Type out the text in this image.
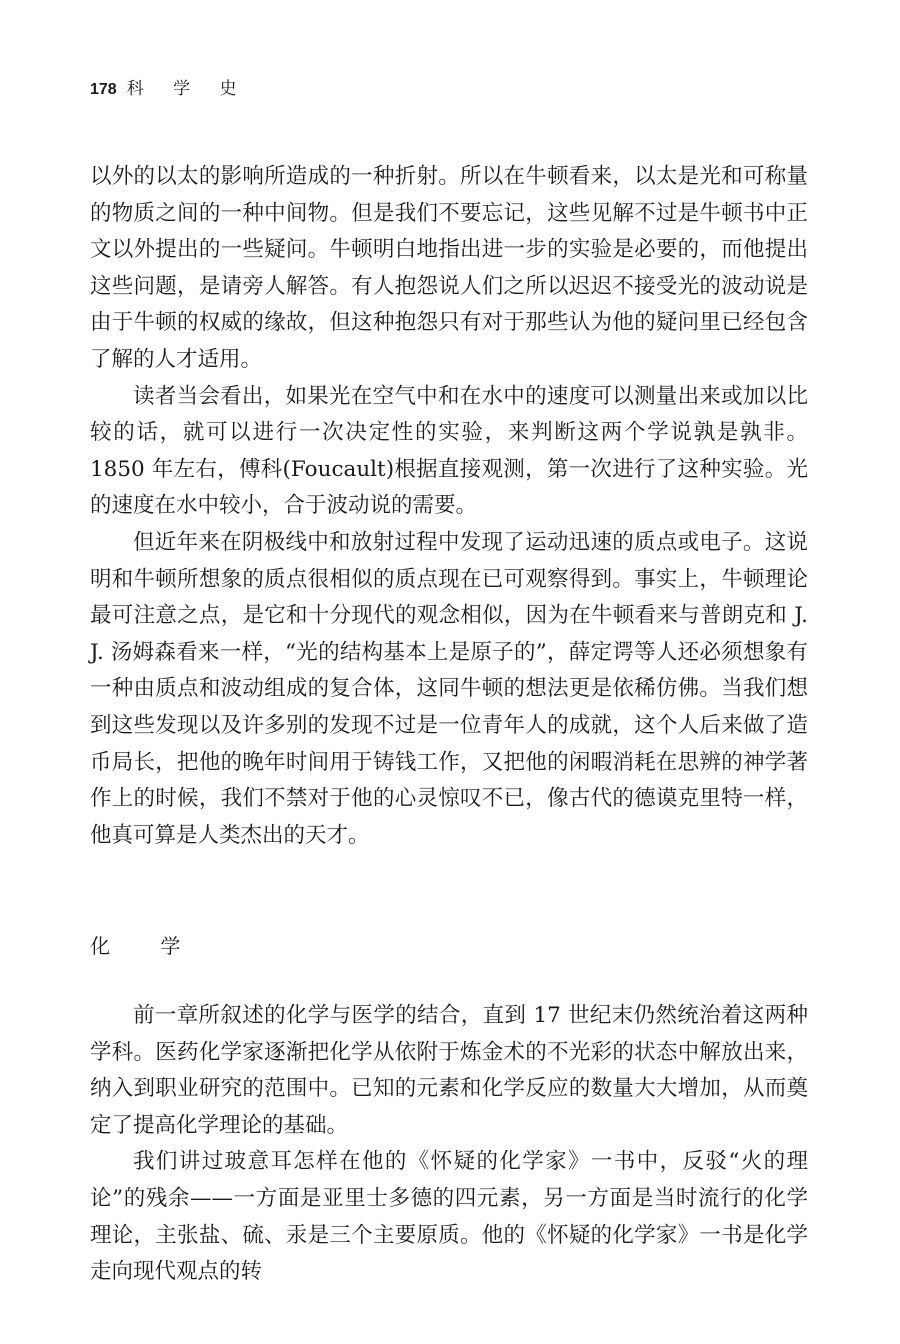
178 科 学 史

以外的以太的影响所造成的一种折射。所以在牛顿看来，以太是光和可称量的物质之间的一种中间物。但是我们不要忘记，这些见解不过是牛顿书中正文以外提出的一些疑问。牛顿明白地指出进一步的实验是必要的，而他提出这些问题，是请旁人解答。有人抱怨说人们之所以迟迟不接受光的波动说是由于牛顿的权威的缘故，但这种抱怨只有对于那些认为他的疑问里已经包含了解的人才适用。

读者当会看出，如果光在空气中和在水中的速度可以测量出来或加以比较的话，就可以进行一次决定性的实验，来判断这两个学说孰是孰非。1850 年左右，傅科(Foucault)根据直接观测，第一次进行了这种实验。光的速度在水中较小，合于波动说的需要。

但近年来在阴极线中和放射过程中发现了运动迅速的质点或电子。这说明和牛顿所想象的质点很相似的质点现在已可观察得到。事实上，牛顿理论最可注意之点，是它和十分现代的观念相似，因为在牛顿看来与普朗克和 J. J. 汤姆森看来一样，“光的结构基本上是原子的”，薛定谔等人还必须想象有一种由质点和波动组成的复合体，这同牛顿的想法更是依稀仿佛。当我们想到这些发现以及许多别的发现不过是一位青年人的成就，这个人后来做了造币局长，把他的晚年时间用于铸钱工作，又把他的闲暇消耗在思辨的神学著作上的时候，我们不禁对于他的心灵惊叹不已，像古代的德谟克里特一样，他真可算是人类杰出的天才。

化 学

前一章所叙述的化学与医学的结合，直到 17 世纪末仍然统治着这两种学科。医药化学家逐渐把化学从依附于炼金术的不光彩的状态中解放出来，纳入到职业研究的范围中。已知的元素和化学反应的数量大大增加，从而奠定了提高化学理论的基础。

我们讲过玻意耳怎样在他的《怀疑的化学家》一书中，反驳“火的理论”的残余——一方面是亚里士多德的四元素，另一方面是当时流行的化学理论，主张盐、硫、汞是三个主要原质。他的《怀疑的化学家》一书是化学走向现代观点的转
